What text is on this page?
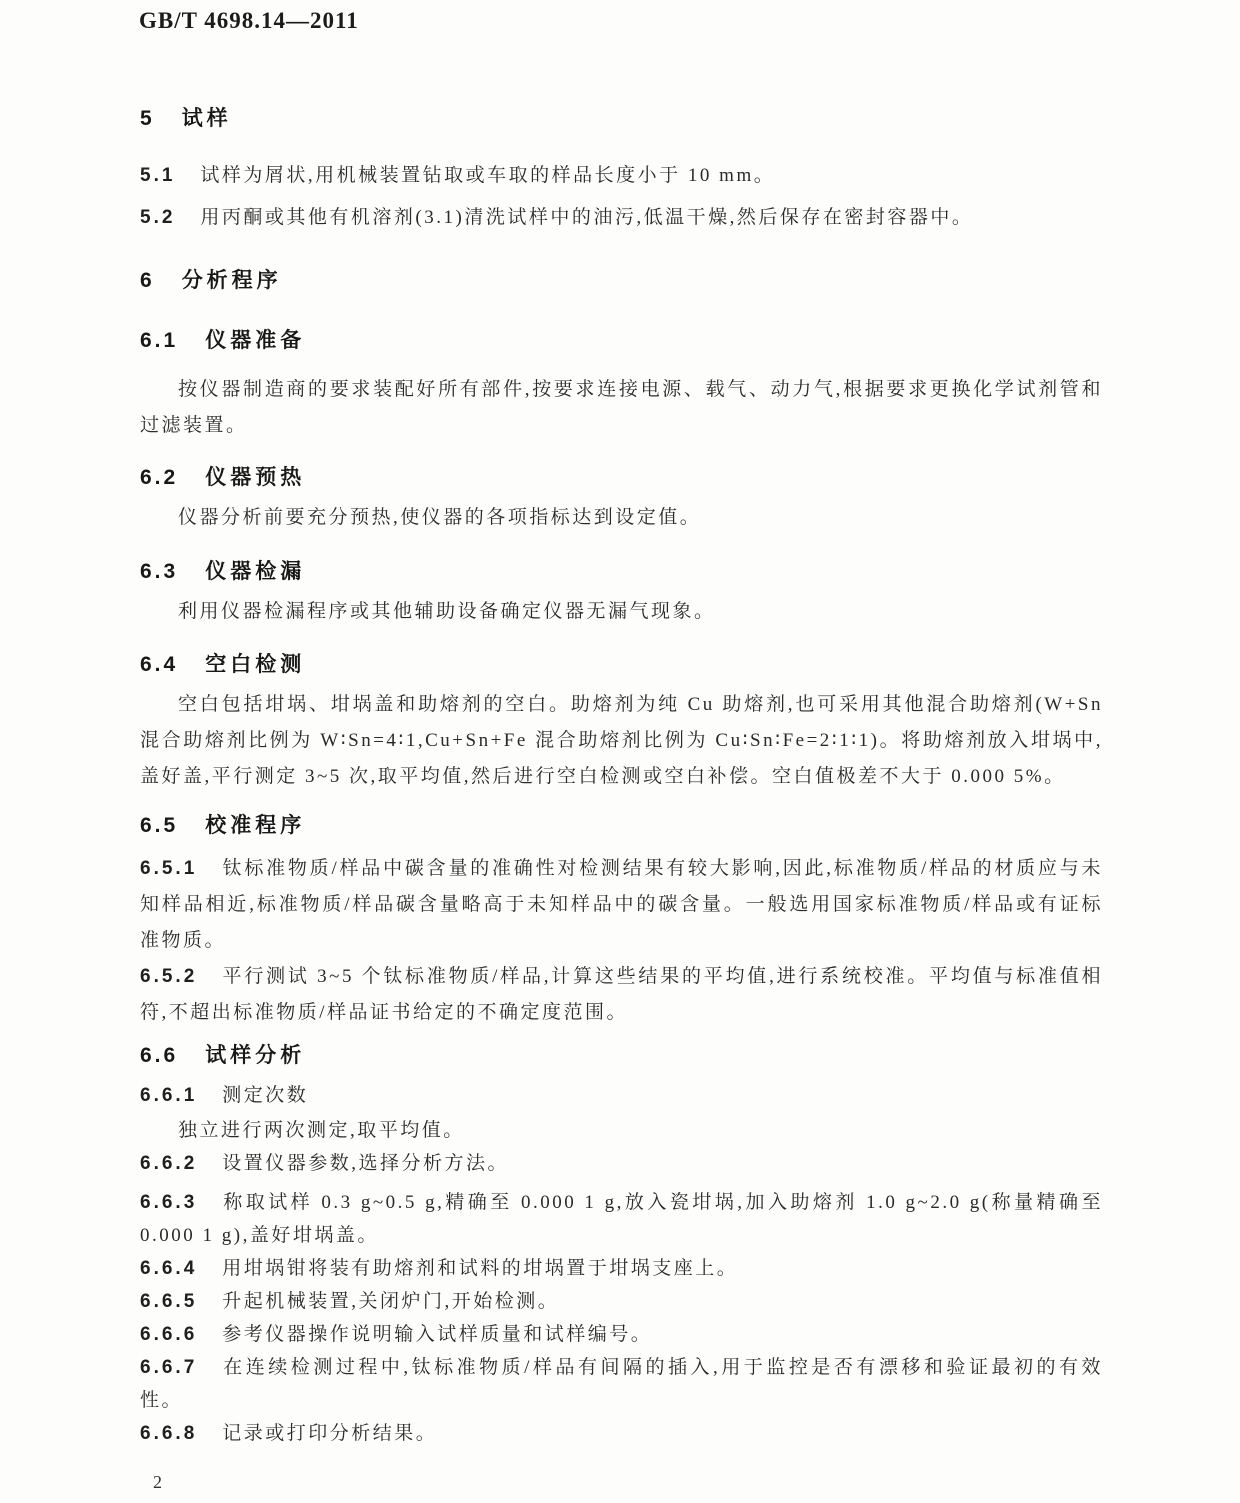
GB/T 4698.14—2011
5 试样
5.1 试样为屑状,用机械装置钻取或车取的样品长度小于 10 mm。
5.2 用丙酮或其他有机溶剂(3.1)清洗试样中的油污,低温干燥,然后保存在密封容器中。
6 分析程序
6.1 仪器准备
按仪器制造商的要求装配好所有部件,按要求连接电源、载气、动力气,根据要求更换化学试剂管和过滤装置。
6.2 仪器预热
仪器分析前要充分预热,使仪器的各项指标达到设定值。
6.3 仪器检漏
利用仪器检漏程序或其他辅助设备确定仪器无漏气现象。
6.4 空白检测
空白包括坩埚、坩埚盖和助熔剂的空白。助熔剂为纯 Cu 助熔剂,也可采用其他混合助熔剂(W+Sn 混合助熔剂比例为 W∶Sn=4∶1,Cu+Sn+Fe 混合助熔剂比例为 Cu∶Sn∶Fe=2∶1∶1)。将助熔剂放入坩埚中,盖好盖,平行测定 3~5 次,取平均值,然后进行空白检测或空白补偿。空白值极差不大于 0.000 5%。
6.5 校准程序
6.5.1 钛标准物质/样品中碳含量的准确性对检测结果有较大影响,因此,标准物质/样品的材质应与未知样品相近,标准物质/样品碳含量略高于未知样品中的碳含量。一般选用国家标准物质/样品或有证标准物质。
6.5.2 平行测试 3~5 个钛标准物质/样品,计算这些结果的平均值,进行系统校准。平均值与标准值相符,不超出标准物质/样品证书给定的不确定度范围。
6.6 试样分析
6.6.1 测定次数
独立进行两次测定,取平均值。
6.6.2 设置仪器参数,选择分析方法。
6.6.3 称取试样 0.3 g~0.5 g,精确至 0.000 1 g,放入瓷坩埚,加入助熔剂 1.0 g~2.0 g(称量精确至 0.000 1 g),盖好坩埚盖。
6.6.4 用坩埚钳将装有助熔剂和试料的坩埚置于坩埚支座上。
6.6.5 升起机械装置,关闭炉门,开始检测。
6.6.6 参考仪器操作说明输入试样质量和试样编号。
6.6.7 在连续检测过程中,钛标准物质/样品有间隔的插入,用于监控是否有漂移和验证最初的有效性。
6.6.8 记录或打印分析结果。
2
